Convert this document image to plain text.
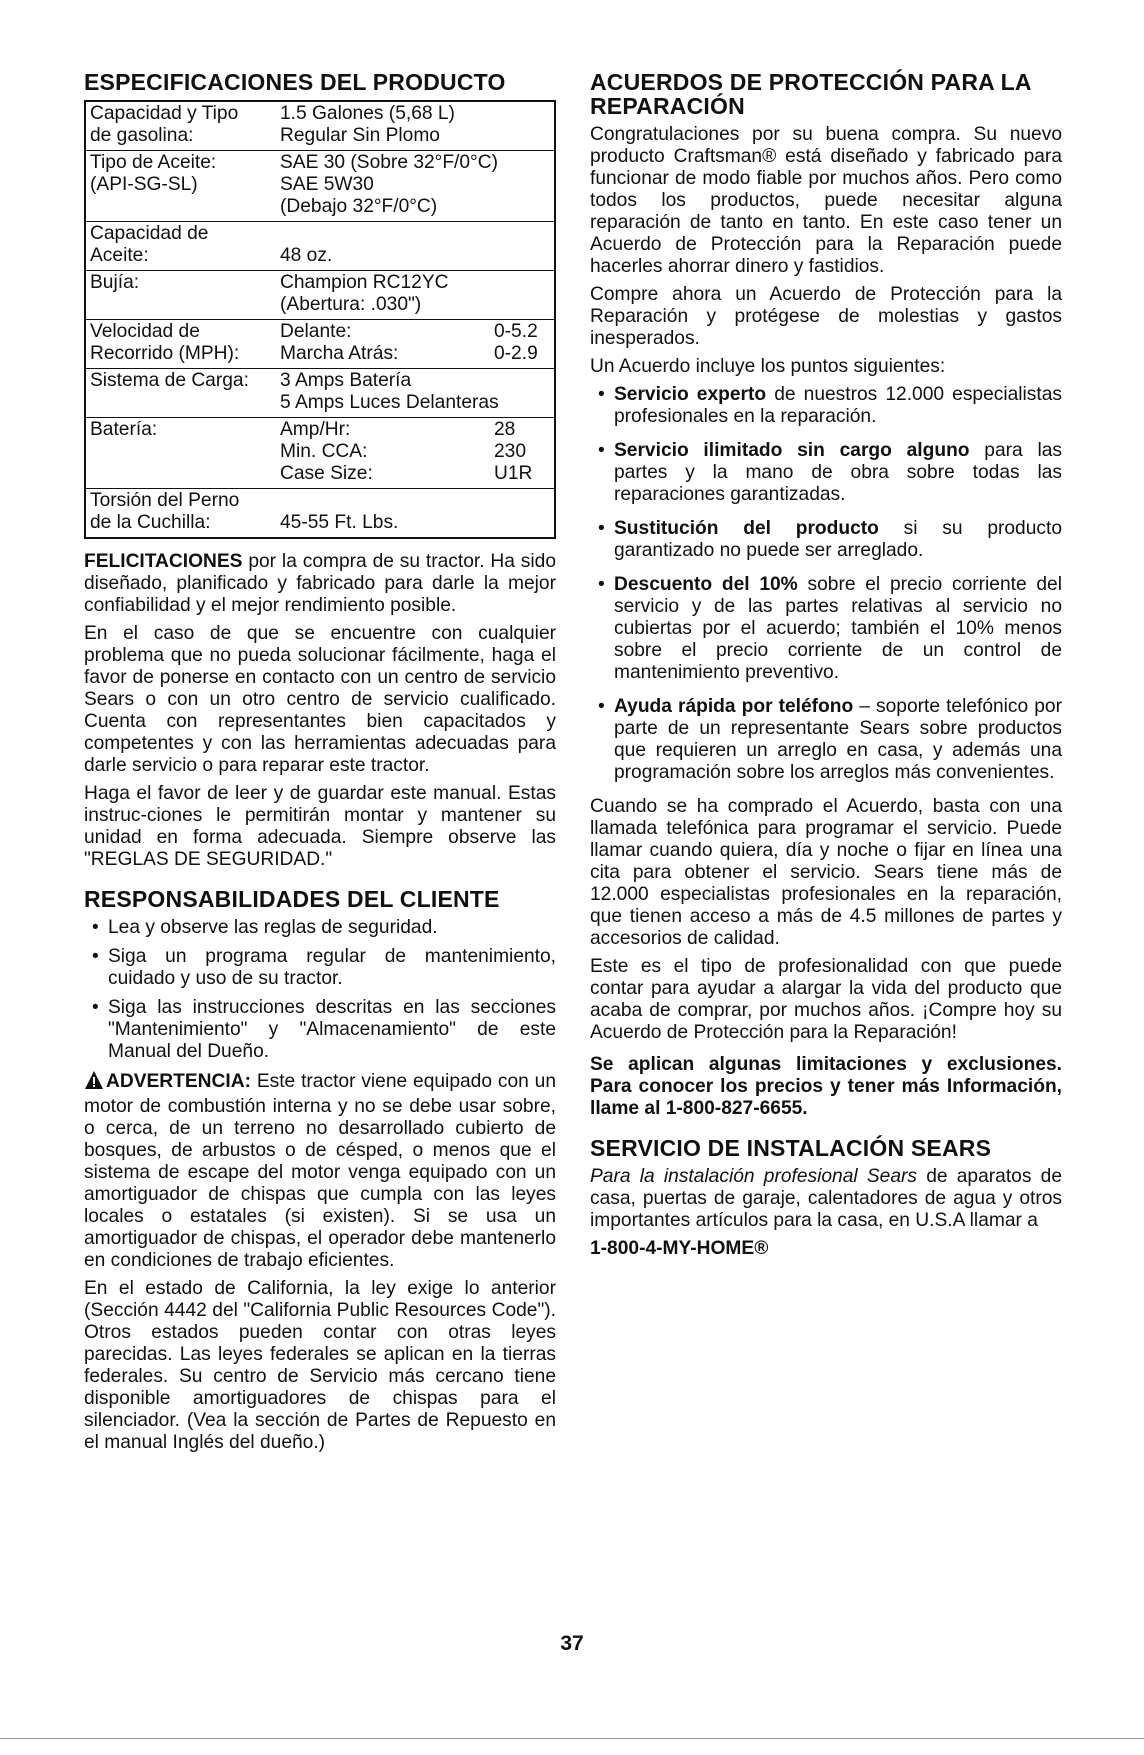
ESPECIFICACIONES DEL PRODUCTO
Capacidad y Tipo	1.5 Galones (5,68 L)
de gasolina:	Regular Sin Plomo
Tipo de Aceite:	SAE 30 (Sobre 32°F/0°C)
(API-SG-SL)	SAE 5W30
(Debajo 32°F/0°C)
Capacidad de
Aceite:	48 oz.
Bujía:	Champion RC12YC
(Abertura: .030")
Velocidad de	Delante:	0-5.2
Recorrido (MPH):	Marcha Atrás:	0-2.9
Sistema de Carga:	3 Amps Batería
5 Amps Luces Delanteras
Batería:	Amp/Hr:	28
Min. CCA:	230
Case Size:	U1R
Torsión del Perno
de la Cuchilla:	45-55 Ft. Lbs.

FELICITACIONES por la compra de su tractor. Ha sido diseñado, planificado y fabricado para darle la mejor confiabilidad y el mejor rendimiento posible.

En el caso de que se encuentre con cualquier problema que no pueda solucionar fácilmente, haga el favor de ponerse en contacto con un centro de servicio Sears o con un otro centro de servicio cualificado. Cuenta con representantes bien capacitados y competentes y con las herramientas adecuadas para darle servicio o para reparar este tractor.

Haga el favor de leer y de guardar este manual. Estas instruc-ciones le permitirán montar y mantener su unidad en forma adecuada. Siempre observe las "REGLAS DE SEGURIDAD."

RESPONSABILIDADES DEL CLIENTE
• Lea y observe las reglas de seguridad.
• Siga un programa regular de mantenimiento, cuidado y uso de su tractor.
• Siga las instrucciones descritas en las secciones "Mantenimiento" y "Almacenamiento" de este Manual del Dueño.

ADVERTENCIA: Este tractor viene equipado con un motor de combustión interna y no se debe usar sobre, o cerca, de un terreno no desarrollado cubierto de bosques, de arbustos o de césped, o menos que el sistema de escape del motor venga equipado con un amortiguador de chispas que cumpla con las leyes locales o estatales (si existen). Si se usa un amortiguador de chispas, el operador debe mantenerlo en condiciones de trabajo eficientes.

En el estado de California, la ley exige lo anterior (Sección 4442 del "California Public Resources Code"). Otros estados pueden contar con otras leyes parecidas. Las leyes federales se aplican en la tierras federales. Su centro de Servicio más cercano tiene disponible amortiguadores de chispas para el silenciador. (Vea la sección de Partes de Repuesto en el manual Inglés del dueño.)

ACUERDOS DE PROTECCIÓN PARA LA REPARACIÓN

Congratulaciones por su buena compra. Su nuevo producto Craftsman® está diseñado y fabricado para funcionar de modo fiable por muchos años. Pero como todos los productos, puede necesitar alguna reparación de tanto en tanto. En este caso tener un Acuerdo de Protección para la Reparación puede hacerles ahorrar dinero y fastidios.

Compre ahora un Acuerdo de Protección para la Reparación y protégese de molestias y gastos inesperados.

Un Acuerdo incluye los puntos siguientes:

• Servicio experto de nuestros 12.000 especialistas profesionales en la reparación.
• Servicio ilimitado sin cargo alguno para las partes y la mano de obra sobre todas las reparaciones garantizadas.
• Sustitución del producto si su producto garantizado no puede ser arreglado.
• Descuento del 10% sobre el precio corriente del servicio y de las partes relativas al servicio no cubiertas por el acuerdo; también el 10% menos sobre el precio corriente de un control de mantenimiento preventivo.
• Ayuda rápida por teléfono – soporte telefónico por parte de un representante Sears sobre productos que requieren un arreglo en casa, y además una programación sobre los arreglos más convenientes.

Cuando se ha comprado el Acuerdo, basta con una llamada telefónica para programar el servicio. Puede llamar cuando quiera, día y noche o fijar en línea una cita para obtener el servicio. Sears tiene más de 12.000 especialistas profesionales en la reparación, que tienen acceso a más de 4.5 millones de partes y accesorios de calidad.

Este es el tipo de profesionalidad con que puede contar para ayudar a alargar la vida del producto que acaba de comprar, por muchos años. ¡Compre hoy su Acuerdo de Protección para la Reparación!

Se aplican algunas limitaciones y exclusiones. Para conocer los precios y tener más Información, llame al 1-800-827-6655.

SERVICIO DE INSTALACIÓN SEARS

Para la instalación profesional Sears de aparatos de casa, puertas de garaje, calentadores de agua y otros importantes artículos para la casa, en U.S.A llamar a

1-800-4-MY-HOME®

37
